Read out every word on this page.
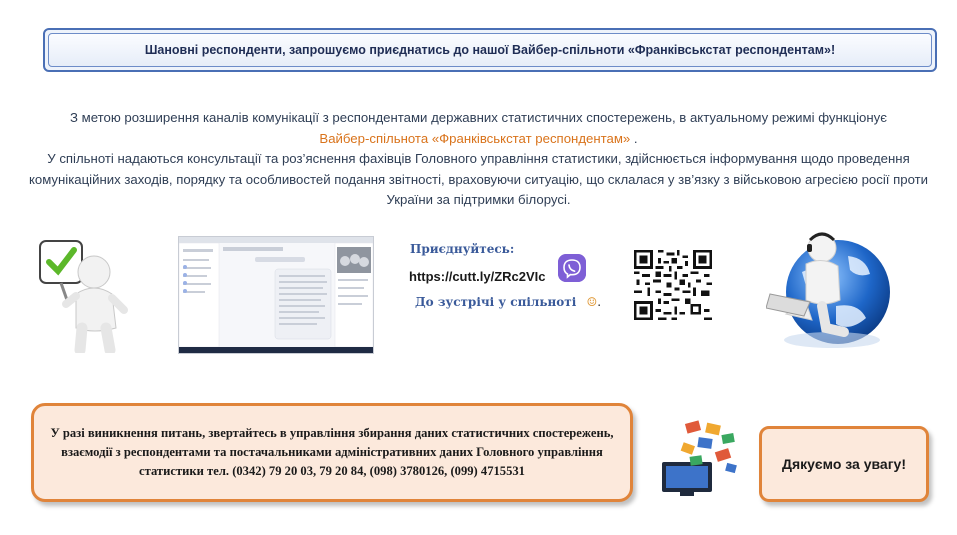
Шановні респонденти, запрошуємо приєднатись до нашої Вайбер-спільноти «Франківськстат респондентам»!
З метою розширення каналів комунікації з респондентами державних статистичних спостережень, в актуальному режимі функціонує
Вайбер-спільнота «Франківськстат респондентам» .
У спільноті надаються консультації та роз’яснення фахівців Головного управління статистики, здійснюється інформування щодо проведення комунікаційних заходів, порядку та особливостей подання звітності, враховуючи ситуацію, що склалася у зв’язку з військовою агресією росії проти України за підтримки білорусі.
Приєднуйтесь:
https://cutt.ly/ZRc2VIc
До зустрічі у спільноті ☺.
У разі виникнення питань, звертайтесь в управління збирання даних статистичних спостережень, взаємодії з респондентами та постачальниками адміністративних даних Головного управління статистики тел. (0342) 79 20 03, 79 20 84, (098) 3780126, (099) 4715531	Дякуємо за увагу!
